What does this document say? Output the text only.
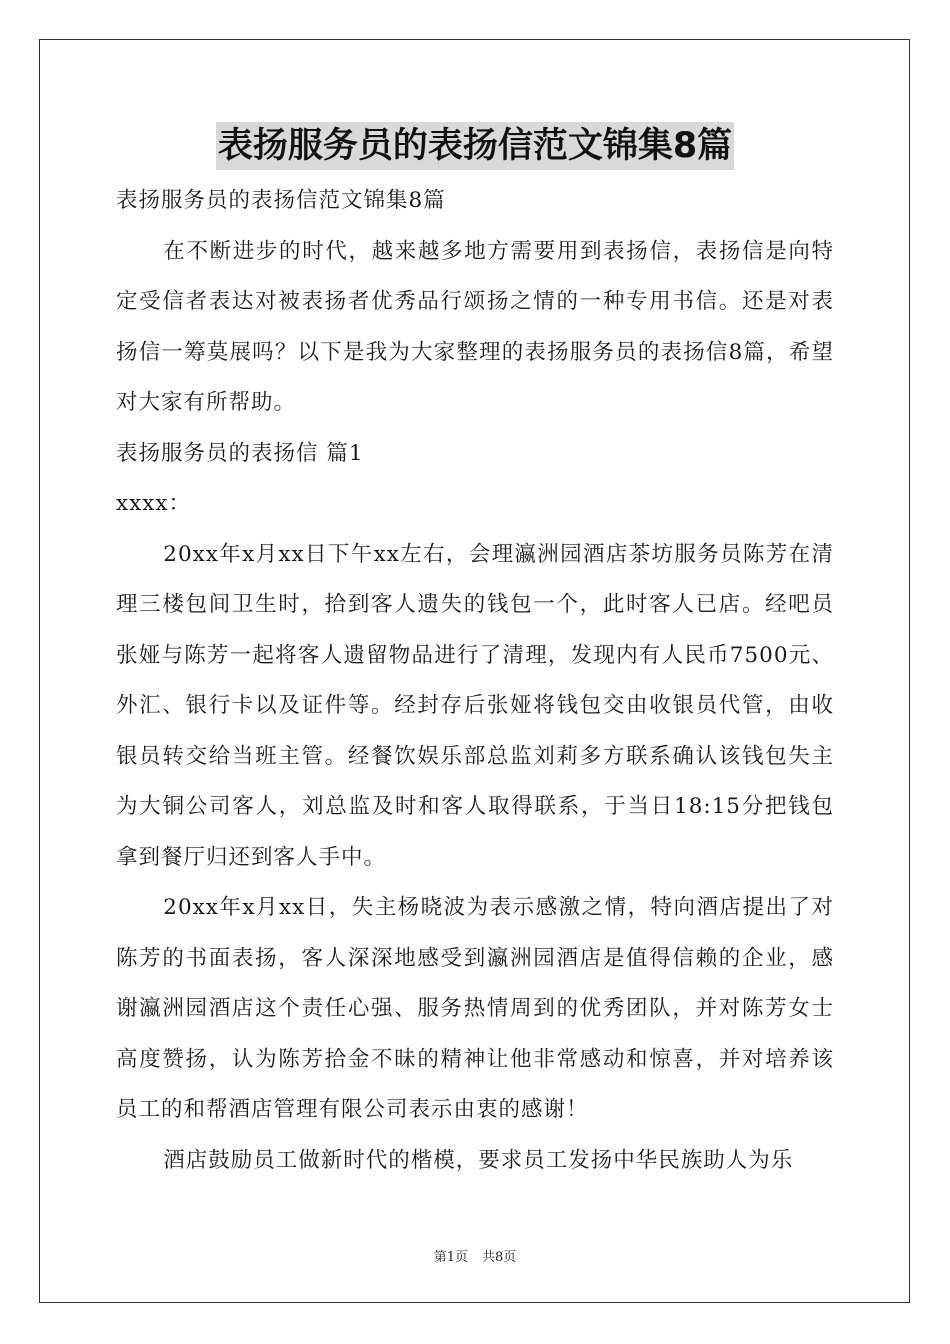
表扬服务员的表扬信范文锦集8篇

表扬服务员的表扬信范文锦集8篇

在不断进步的时代，越来越多地方需要用到表扬信，表扬信是向特定受信者表达对被表扬者优秀品行颂扬之情的一种专用书信。还是对表扬信一筹莫展吗？以下是我为大家整理的表扬服务员的表扬信8篇，希望对大家有所帮助。

表扬服务员的表扬信 篇1

xxxx：

20xx年x月xx日下午xx左右，会理瀛洲园酒店茶坊服务员陈芳在清理三楼包间卫生时，拾到客人遗失的钱包一个，此时客人已店。经吧员张娅与陈芳一起将客人遗留物品进行了清理，发现内有人民币7500元、外汇、银行卡以及证件等。经封存后张娅将钱包交由收银员代管，由收银员转交给当班主管。经餐饮娱乐部总监刘莉多方联系确认该钱包失主为大铜公司客人，刘总监及时和客人取得联系，于当日18:15分把钱包拿到餐厅归还到客人手中。

20xx年x月xx日，失主杨晓波为表示感激之情，特向酒店提出了对陈芳的书面表扬，客人深深地感受到瀛洲园酒店是值得信赖的企业，感谢瀛洲园酒店这个责任心强、服务热情周到的优秀团队，并对陈芳女士高度赞扬，认为陈芳拾金不昧的精神让他非常感动和惊喜，并对培养该员工的和帮酒店管理有限公司表示由衷的感谢！

酒店鼓励员工做新时代的楷模，要求员工发扬中华民族助人为乐

第1页 共8页
